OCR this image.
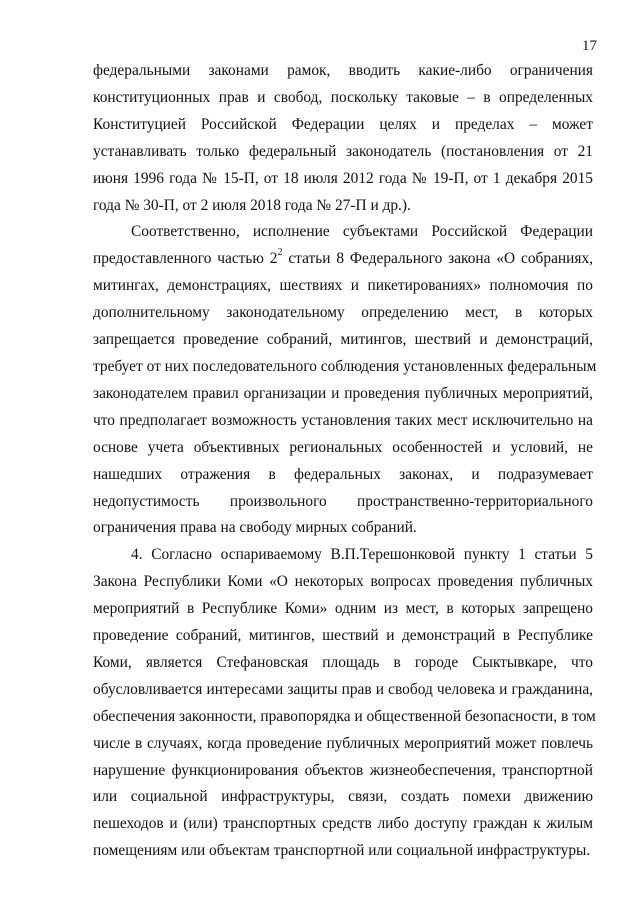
17
федеральными законами рамок, вводить какие-либо ограничения
конституционных прав и свобод, поскольку таковые – в определенных
Конституцией Российской Федерации целях и пределах – может
устанавливать только федеральный законодатель (постановления от 21
июня 1996 года № 15-П, от 18 июля 2012 года № 19-П, от 1 декабря 2015
года № 30-П, от 2 июля 2018 года № 27-П и др.).
Соответственно, исполнение субъектами Российской Федерации
предоставленного частью $2^2$ статьи 8 Федерального закона «О собраниях,
митингах, демонстрациях, шествиях и пикетированиях» полномочия по
дополнительному законодательному определению мест, в которых
запрещается проведение собраний, митингов, шествий и демонстраций,
требует от них последовательного соблюдения установленных федеральным
законодателем правил организации и проведения публичных мероприятий,
что предполагает возможность установления таких мест исключительно на
основе учета объективных региональных особенностей и условий, не
нашедших отражения в федеральных законах, и подразумевает
недопустимость произвольного пространственно-территориального
ограничения права на свободу мирных собраний.
4. Согласно оспариваемому В.П.Терешонковой пункту 1 статьи 5
Закона Республики Коми «О некоторых вопросах проведения публичных
мероприятий в Республике Коми» одним из мест, в которых запрещено
проведение собраний, митингов, шествий и демонстраций в Республике
Коми, является Стефановская площадь в городе Сыктывкаре, что
обусловливается интересами защиты прав и свобод человека и гражданина,
обеспечения законности, правопорядка и общественной безопасности, в том
числе в случаях, когда проведение публичных мероприятий может повлечь
нарушение функционирования объектов жизнеобеспечения, транспортной
или социальной инфраструктуры, связи, создать помехи движению
пешеходов и (или) транспортных средств либо доступу граждан к жилым
помещениям или объектам транспортной или социальной инфраструктуры.
